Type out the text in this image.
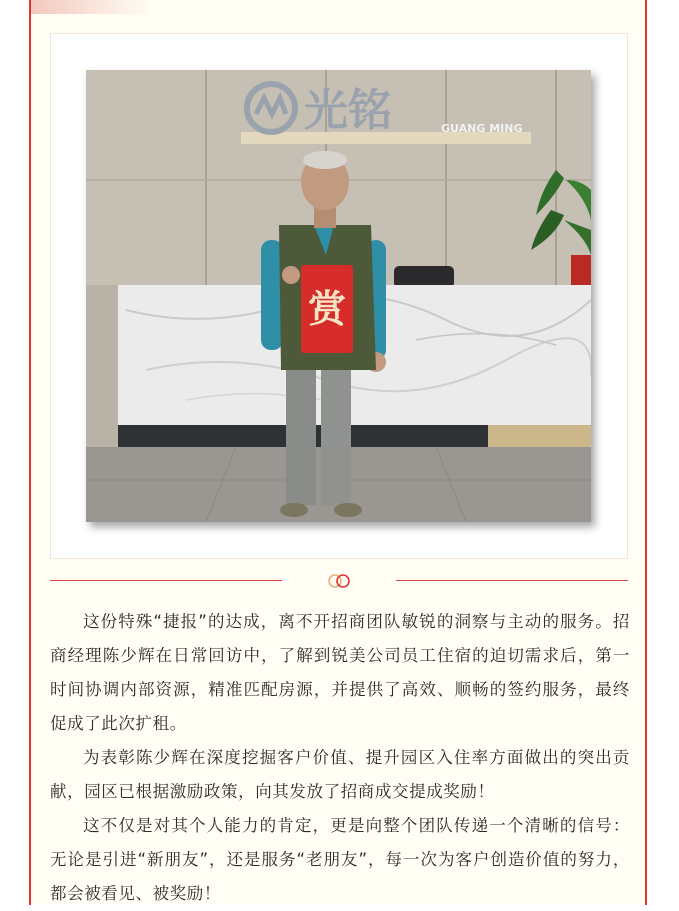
光铭	GUANG MING
赏

这份特殊“捷报”的达成，离不开招商团队敏锐的洞察与主动的服务。招商经理陈少辉在日常回访中，了解到锐美公司员工住宿的迫切需求后，第一时间协调内部资源，精准匹配房源，并提供了高效、顺畅的签约服务，最终促成了此次扩租。

为表彰陈少辉在深度挖掘客户价值、提升园区入住率方面做出的突出贡献，园区已根据激励政策，向其发放了招商成交提成奖励！

这不仅是对其个人能力的肯定，更是向整个团队传递一个清晰的信号：无论是引进“新朋友”，还是服务“老朋友”，每一次为客户创造价值的努力，都会被看见、被奖励！
